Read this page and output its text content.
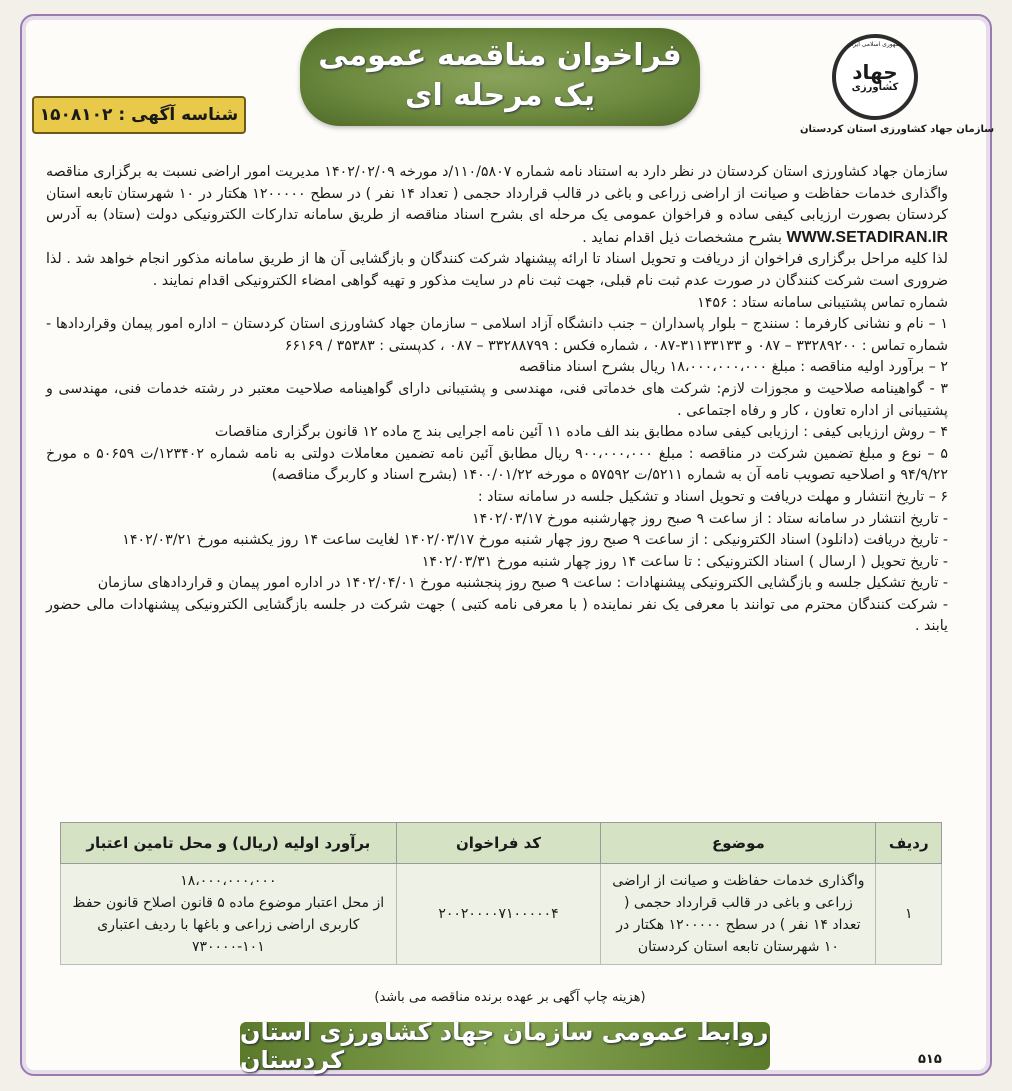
فراخوان مناقصه عمومی
یک مرحله ای
شناسه آگهی : ۱۵۰۸۱۰۲
جمهوری اسلامی ایران
جهاد
کشاورزی
سازمان جهاد کشاورزی استان کردستان

سازمان جهاد کشاورزی استان کردستان در نظر دارد به استناد نامه شماره ۱۱۰/۵۸۰۷/د مورخه ۱۴۰۲/۰۲/۰۹ مدیریت امور اراضی نسبت به برگزاری مناقصه واگذاری خدمات حفاظت و صیانت از اراضی زراعی و باغی در قالب قرارداد حجمی ( تعداد ۱۴ نفر ) در سطح ۱۲۰۰۰۰۰ هکتار در ۱۰ شهرستان تابعه استان کردستان بصورت ارزیابی کیفی ساده و فراخوان عمومی یک مرحله ای بشرح اسناد مناقصه از طریق سامانه تدارکات الکترونیکی دولت (ستاد) به آدرس WWW.SETADIRAN.IR بشرح مشخصات ذیل اقدام نماید .

لذا کلیه مراحل برگزاری فراخوان از دریافت و تحویل اسناد تا ارائه پیشنهاد شرکت کنندگان و بازگشایی آن ها از طریق سامانه مذکور انجام خواهد شد . لذا ضروری است شرکت کنندگان در صورت عدم ثبت نام قبلی، جهت ثبت نام در سایت مذکور و تهیه گواهی امضاء الکترونیکی اقدام نمایند .

شماره تماس پشتیبانی سامانه ستاد : ۱۴۵۶

۱ – نام و نشانی کارفرما : سنندج – بلوار پاسداران – جنب دانشگاه آزاد اسلامی – سازمان جهاد کشاورزی استان کردستان – اداره امور پیمان وقراردادها - شماره تماس : ۳۳۲۸۹۲۰۰ – ۰۸۷ و ۳۱۱۳۳۱۳۳-۰۸۷ ، شماره فکس : ۳۳۲۸۸۷۹۹ – ۰۸۷ ، کدپستی : ۳۵۳۸۳ / ۶۶۱۶۹

۲ – برآورد اولیه مناقصه : مبلغ ۱۸،۰۰۰،۰۰۰،۰۰۰ ریال بشرح اسناد مناقصه

۳ - گواهینامه صلاحیت و مجوزات لازم: شرکت های خدماتی فنی، مهندسی و پشتیبانی دارای گواهینامه صلاحیت معتبر در رشته خدمات فنی، مهندسی و پشتیبانی از اداره تعاون ، کار و رفاه اجتماعی .

۴ – روش ارزیابی کیفی : ارزیابی کیفی ساده مطابق بند الف ماده ۱۱ آئین نامه اجرایی بند ج ماده ۱۲ قانون برگزاری مناقصات

۵ – نوع و مبلغ تضمین شرکت در مناقصه : مبلغ ۹۰۰،۰۰۰،۰۰۰ ریال مطابق آئین نامه تضمین معاملات دولتی به نامه شماره ۱۲۳۴۰۲/ت ۵۰۶۵۹ ه مورخ ۹۴/۹/۲۲ و اصلاحیه تصویب نامه آن به شماره ۵۲۱۱/ت ۵۷۵۹۲ ه مورخه ۱۴۰۰/۰۱/۲۲ (بشرح اسناد و کاربرگ مناقصه)

۶ – تاریخ انتشار و مهلت دریافت و تحویل اسناد و تشکیل جلسه در سامانه ستاد :

- تاریخ انتشار در سامانه ستاد : از ساعت ۹ صبح روز چهارشنبه مورخ ۱۴۰۲/۰۳/۱۷

- تاریخ دریافت (دانلود) اسناد الکترونیکی : از ساعت ۹ صبح روز چهار شنبه مورخ ۱۴۰۲/۰۳/۱۷ لغایت ساعت ۱۴ روز یکشنبه مورخ ۱۴۰۲/۰۳/۲۱

- تاریخ تحویل ( ارسال ) اسناد الکترونیکی : تا ساعت ۱۴ روز چهار شنبه مورخ ۱۴۰۲/۰۳/۳۱

- تاریخ تشکیل جلسه و بازگشایی الکترونیکی پیشنهادات : ساعت ۹ صبح روز پنجشنبه مورخ ۱۴۰۲/۰۴/۰۱ در اداره امور پیمان و قراردادهای سازمان

- شرکت کنندگان محترم می توانند با معرفی یک نفر نماینده ( با معرفی نامه کتبی ) جهت شرکت در جلسه بازگشایی الکترونیکی پیشنهادات مالی حضور یابند .

ردیف	موضوع	کد فراخوان	برآورد اولیه (ریال) و محل تامین اعتبار
۱	واگذاری خدمات حفاظت و صیانت از اراضی زراعی و باغی در قالب قرارداد حجمی ( تعداد ۱۴ نفر ) در سطح ۱۲۰۰۰۰۰ هکتار در ۱۰ شهرستان تابعه استان کردستان	۲۰۰۲۰۰۰۰۷۱۰۰۰۰۰۴	۱۸،۰۰۰،۰۰۰،۰۰۰
از محل اعتبار موضوع ماده ۵ قانون اصلاح قانون حفظ کاربری اراضی زراعی و باغها با ردیف اعتباری ۱۰۱-۷۳۰۰۰۰
(هزینه چاپ آگهی بر عهده برنده مناقصه می باشد)
روابط عمومی سازمان جهاد کشاورزی استان کردستان	۵۱۵
